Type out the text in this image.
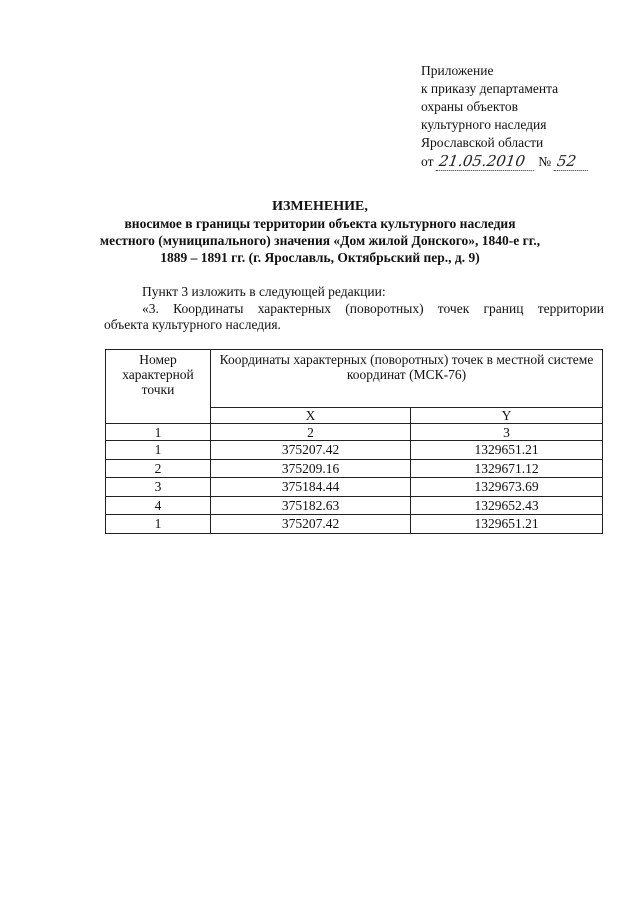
Приложение
к приказу департамента
охраны объектов
культурного наследия
Ярославской области
от 21.05.2010 № 52
ИЗМЕНЕНИЕ,
вносимое в границы территории объекта культурного наследия
местного (муниципального) значения «Дом жилой Донского», 1840-е гг.,
1889 – 1891 гг. (г. Ярославль, Октябрьский пер., д. 9)
Пункт 3 изложить в следующей редакции:
«3. Координаты характерных (поворотных) точек границ территории
объекта культурного наследия.
Номер характерной точки	Координаты характерных (поворотных) точек в местной системе координат (МСК-76)	
	X	Y
1	2	3
1	375207.42	1329651.21
2	375209.16	1329671.12
3	375184.44	1329673.69
4	375182.63	1329652.43
1	375207.42	1329651.21
